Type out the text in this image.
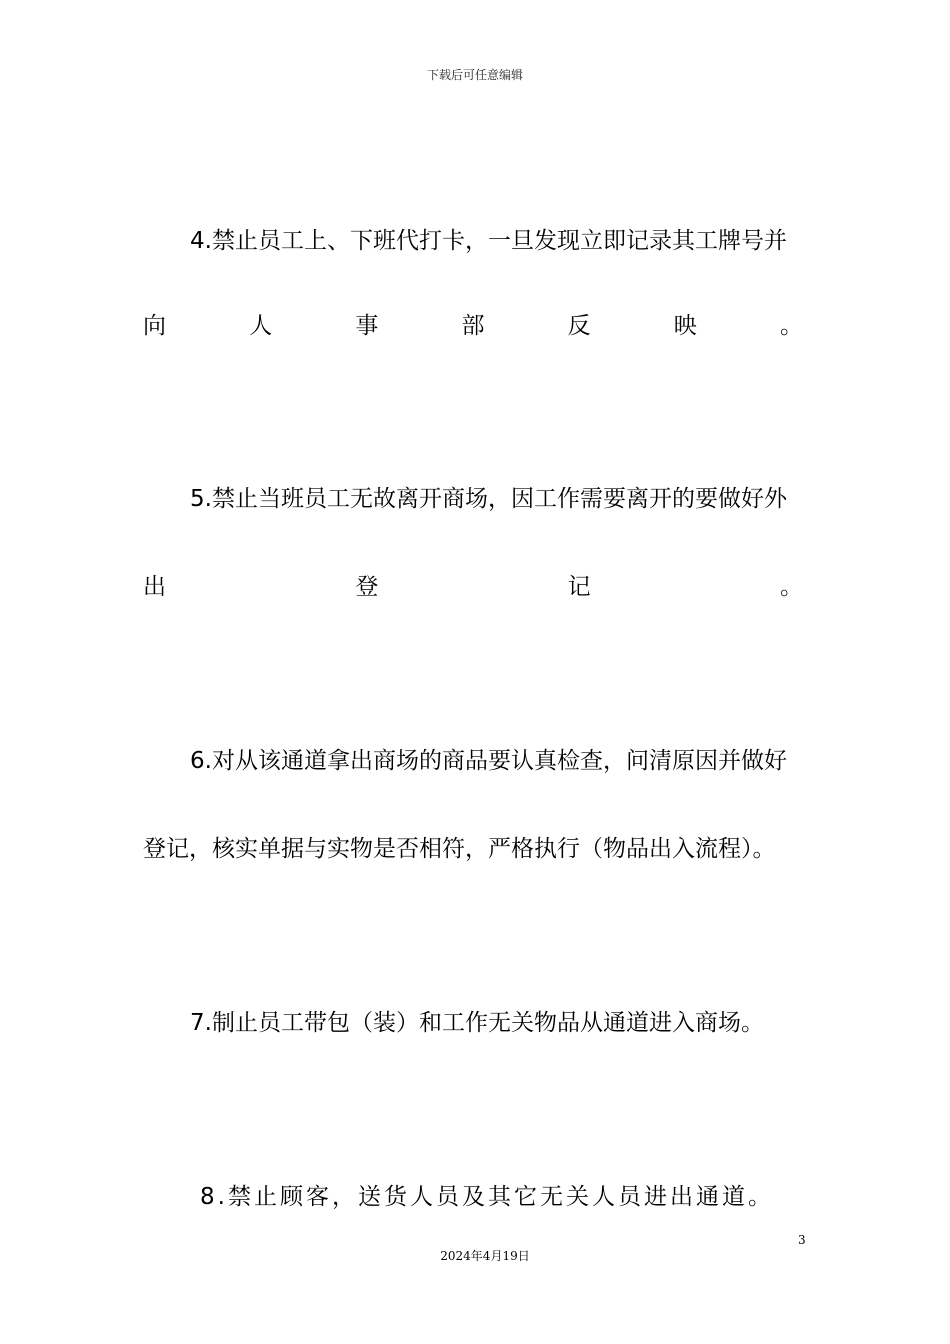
下载后可任意编辑
4.禁止员工上、下班代打卡，一旦发现立即记录其工牌号并
向	人	事	部	反	映	。
5.禁止当班员工无故离开商场，因工作需要离开的要做好外
出	登	记	。
6.对从该通道拿出商场的商品要认真检查，问清原因并做好
登记，核实单据与实物是否相符，严格执行（物品出入流程）。
7.制止员工带包（装）和工作无关物品从通道进入商场。
8.禁止顾客，送货人员及其它无关人员进出通道。
3
2024年4月19日
